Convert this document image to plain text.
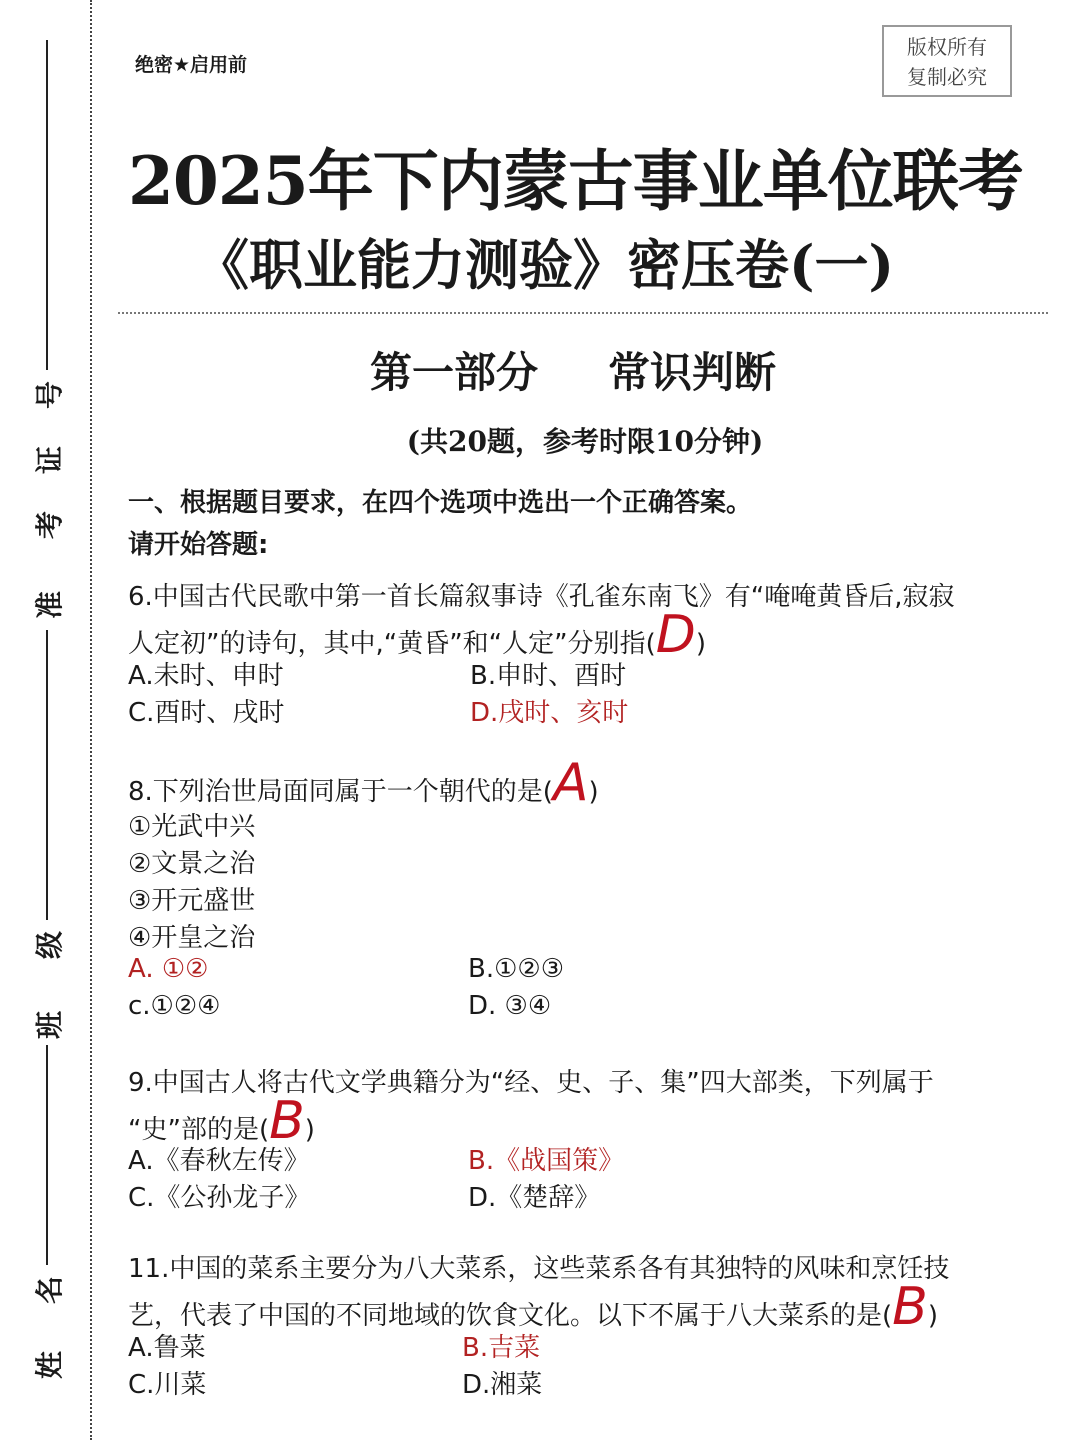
号
证
考
准
级
班
名
姓
绝密★启用前
版权所有
复制必究
2025年下内蒙古事业单位联考
《职业能力测验》密压卷(一)
第一部分 常识判断
(共20题，参考时限10分钟)
一、根据题目要求，在四个选项中选出一个正确答案。
请开始答题:
6.中国古代民歌中第一首长篇叙事诗《孔雀东南飞》有“唵唵黄昏后,寂寂
人定初”的诗句，其中,“黄昏”和“人定”分别指(D)
A.未时、申时	B.申时、酉时
C.酉时、戌时	D.戌时、亥时
8.下列治世局面同属于一个朝代的是(A)
①光武中兴
②文景之治
③开元盛世
④开皇之治
A. ①②	B.①②③
c.①②④	D. ③④
9.中国古人将古代文学典籍分为“经、史、子、集”四大部类，下列属于
“史”部的是(B)
A.《春秋左传》	B.《战国策》
C.《公孙龙子》	D.《楚辞》
11.中国的菜系主要分为八大菜系，这些菜系各有其独特的风味和烹饪技
艺，代表了中国的不同地域的饮食文化。以下不属于八大菜系的是(B)
A.鲁菜	B.吉菜
C.川菜	D.湘菜
